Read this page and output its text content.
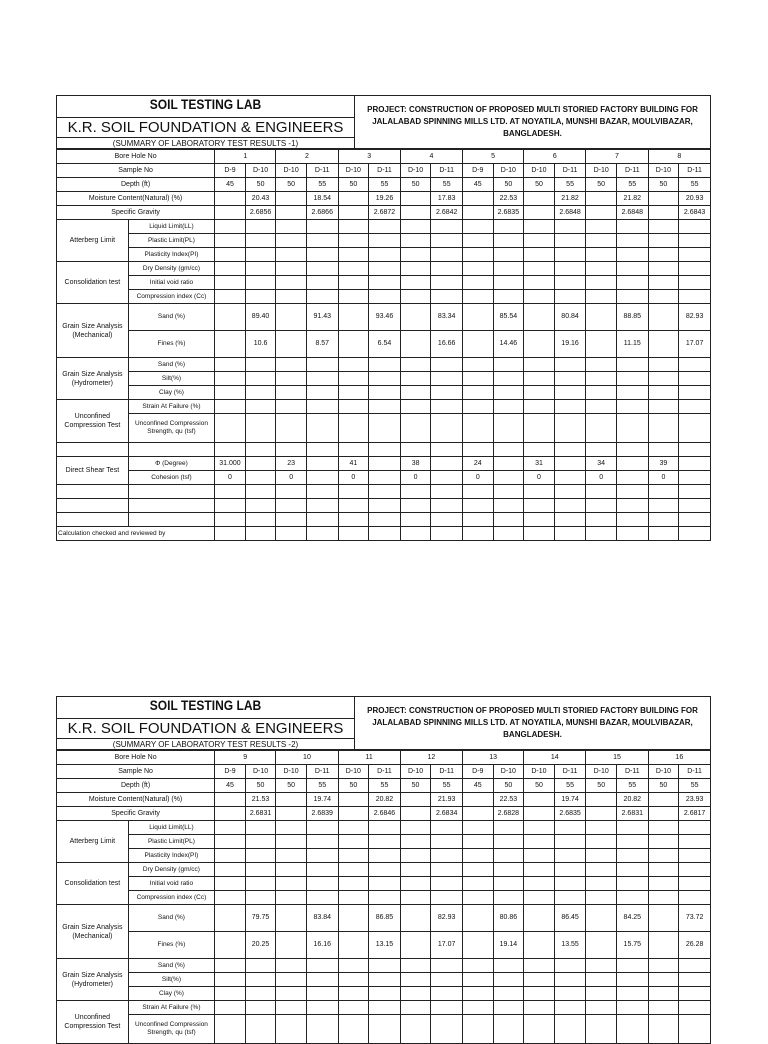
SOIL TESTING LAB	PROJECT: CONSTRUCTION OF PROPOSED MULTI STORIED FACTORY BUILDING FOR JALALABAD SPINNING MILLS LTD. AT NOYATILA, MUNSHI BAZAR, MOULVIBAZAR, BANGLADESH.
K.R. SOIL FOUNDATION & ENGINEERS
(SUMMARY OF LABORATORY TEST RESULTS -1)
Bore Hole No		1		2		3		4		5		6		7		8	
Sample No		D-9	D-10	D-10	D-11	D-10	D-11	D-10	D-11	D-9	D-10	D-10	D-11	D-10	D-11	D-10	D-11
Depth (ft)		45	50	50	55	50	55	50	55	45	50	50	55	50	55	50	55
Moisture Content(Natural) (%)			20.43		18.54		19.26		17.83		22.53		21.82		21.82		20.93
Specific Gravity			2.6856		2.6866		2.6872		2.6842		2.6835		2.6848		2.6848		2.6843
Atterberg Limit	Liquid Limit(LL)																
	Plastic Limit(PL)																
	Plasticity Index(PI)																
Consolidation test	Dry Density (gm/cc)																
	Initial void ratio																
	Compression index (Cc)																
Grain Size Analysis (Mechanical)	Sand (%)		89.40		91.43		93.46		83.34		85.54		80.84		88.85		82.93
	Fines (%)		10.6		8.57		6.54		16.66		14.46		19.16		11.15		17.07
Grain Size Analysis (Hydrometer)	Sand (%)																
	Silt(%)																
	Clay (%)																
Unconfined Compression Test	Strain At Failure (%)																
	Unconfined Compression Strength, qu (tsf)																

Direct Shear Test	Φ (Degree)	31.000		23		41		38		24		31		34		39	
	Cohesion (tsf)	0		0		0		0		0		0		0		0	

Calculation checked and reviewed by																	
SOIL TESTING LAB	PROJECT: CONSTRUCTION OF PROPOSED MULTI STORIED FACTORY BUILDING FOR JALALABAD SPINNING MILLS LTD. AT NOYATILA, MUNSHI BAZAR, MOULVIBAZAR, BANGLADESH.
K.R. SOIL FOUNDATION & ENGINEERS
(SUMMARY OF LABORATORY TEST RESULTS -2)
Bore Hole No		9		10		11		12		13		14		15		16	
Sample No		D-9	D-10	D-10	D-11	D-10	D-11	D-10	D-11	D-9	D-10	D-10	D-11	D-10	D-11	D-10	D-11
Depth (ft)		45	50	50	55	50	55	50	55	45	50	50	55	50	55	50	55
Moisture Content(Natural) (%)			21.53		19.74		20.82		21.93		22.53		19.74		20.82		23.93
Specific Gravity			2.6831		2.6839		2.6846		2.6834		2.6828		2.6835		2.6831		2.6817
Atterberg Limit	Liquid Limit(LL)																
	Plastic Limit(PL)																
	Plasticity Index(PI)																
Consolidation test	Dry Density (gm/cc)																
	Initial void ratio																
	Compression index (Cc)																
Grain Size Analysis (Mechanical)	Sand (%)		79.75		83.84		86.85		82.93		80.86		86.45		84.25		73.72
	Fines (%)		20.25		16.16		13.15		17.07		19.14		13.55		15.75		26.28
Grain Size Analysis (Hydrometer)	Sand (%)																
	Silt(%)																
	Clay (%)																
Unconfined Compression Test	Strain At Failure (%)																
	Unconfined Compression Strength, qu (tsf)																
